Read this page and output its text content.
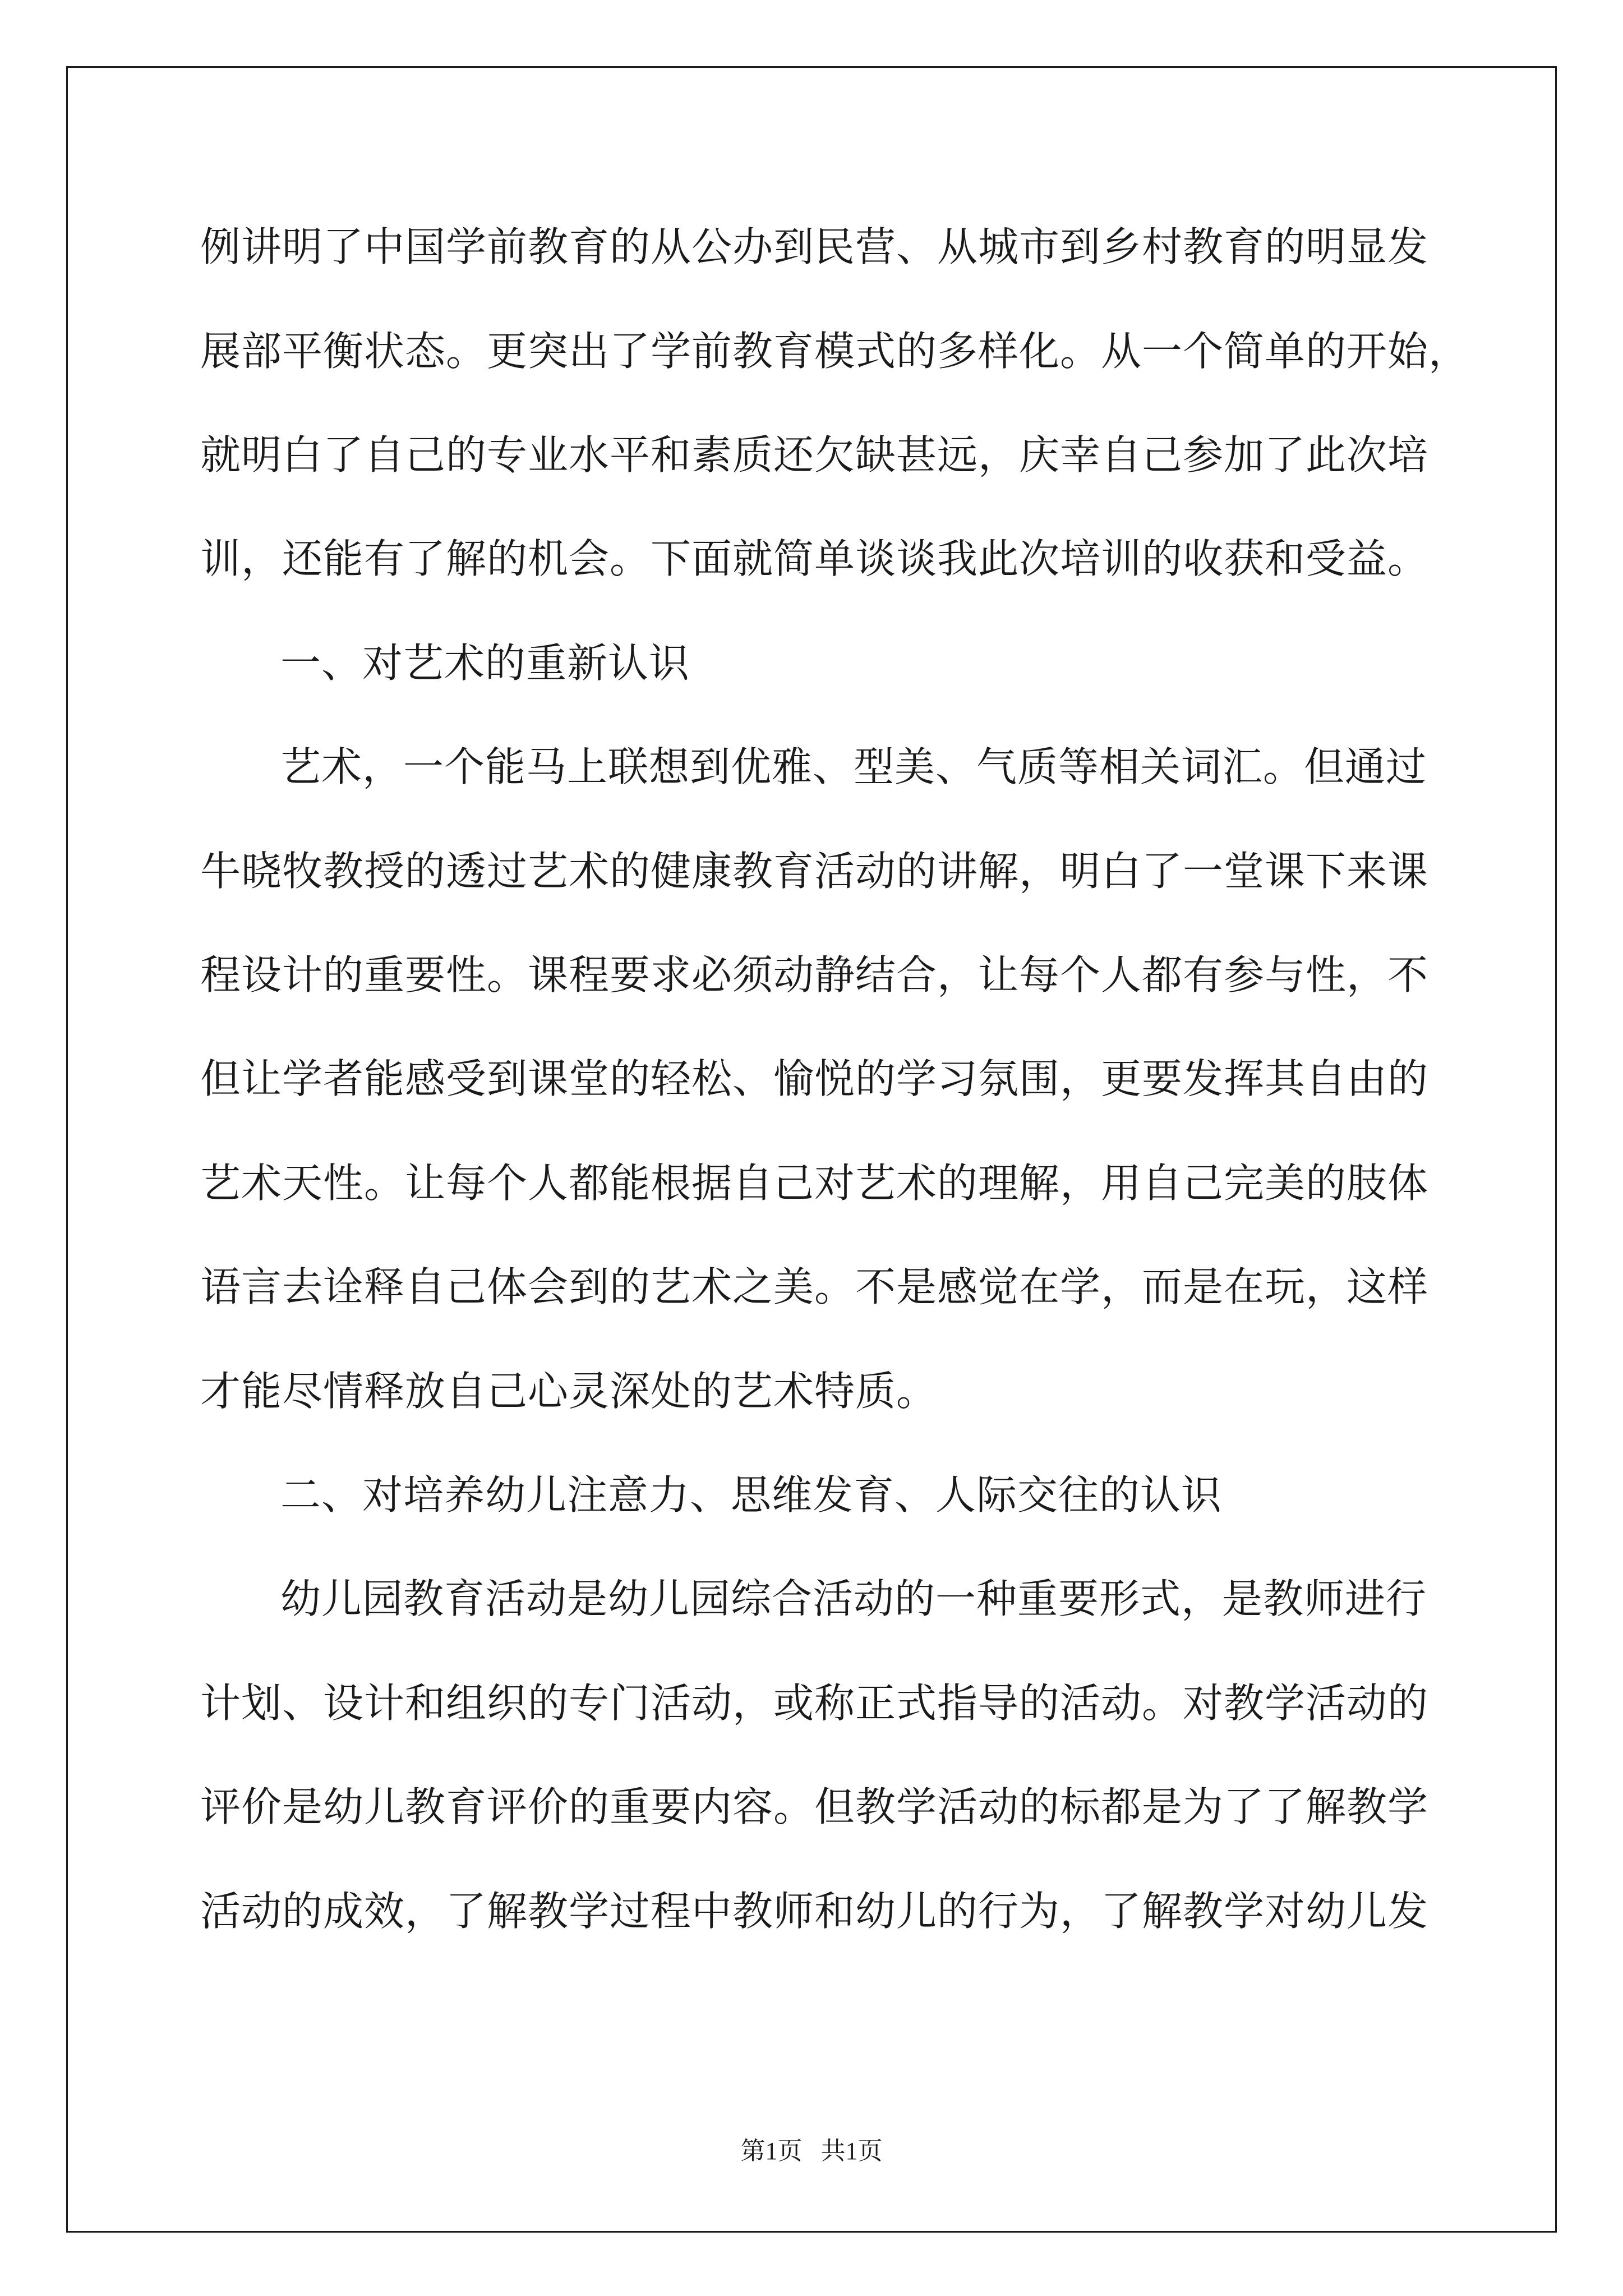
例讲明了中国学前教育的从公办到民营、从城市到乡村教育的明显发
展部平衡状态。更突出了学前教育模式的多样化。从一个简单的开始，
就明白了自己的专业水平和素质还欠缺甚远，庆幸自己参加了此次培
训，还能有了解的机会。下面就简单谈谈我此次培训的收获和受益。
一、对艺术的重新认识
艺术，一个能马上联想到优雅、型美、气质等相关词汇。但通过
牛晓牧教授的透过艺术的健康教育活动的讲解，明白了一堂课下来课
程设计的重要性。课程要求必须动静结合，让每个人都有参与性，不
但让学者能感受到课堂的轻松、愉悦的学习氛围，更要发挥其自由的
艺术天性。让每个人都能根据自己对艺术的理解，用自己完美的肢体
语言去诠释自己体会到的艺术之美。不是感觉在学，而是在玩，这样
才能尽情释放自己心灵深处的艺术特质。
二、对培养幼儿注意力、思维发育、人际交往的认识
幼儿园教育活动是幼儿园综合活动的一种重要形式，是教师进行
计划、设计和组织的专门活动，或称正式指导的活动。对教学活动的
评价是幼儿教育评价的重要内容。但教学活动的标都是为了了解教学
活动的成效，了解教学过程中教师和幼儿的行为，了解教学对幼儿发
第1页   共1页
